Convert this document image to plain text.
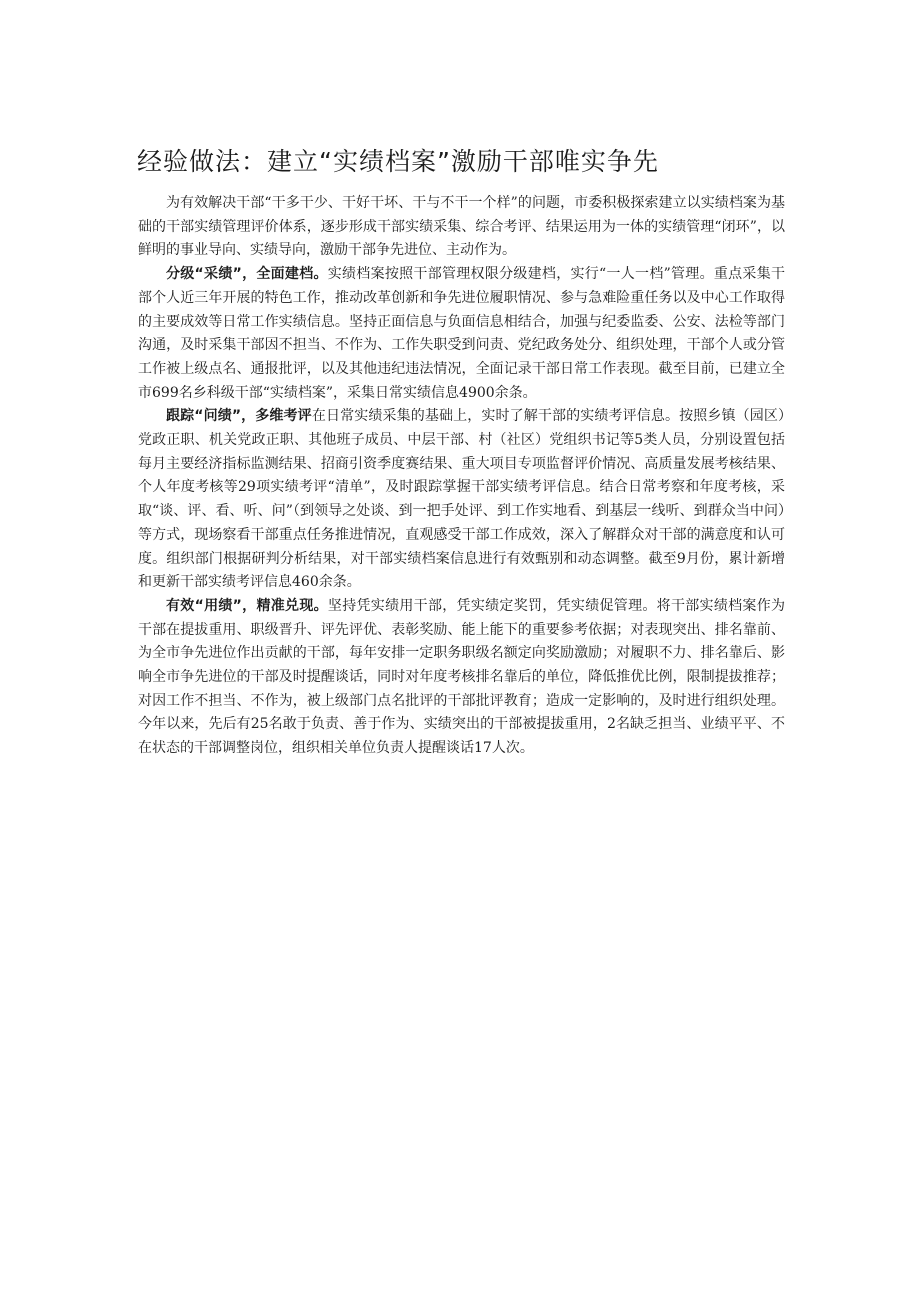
经验做法：建立“实绩档案”激励干部唯实争先

为有效解决干部“干多干少、干好干坏、干与不干一个样”的问题，市委积极探索建立以实绩档案为基础的干部实绩管理评价体系，逐步形成干部实绩采集、综合考评、结果运用为一体的实绩管理“闭环”，以鲜明的事业导向、实绩导向，激励干部争先进位、主动作为。

分级“采绩”，全面建档。实绩档案按照干部管理权限分级建档，实行“一人一档”管理。重点采集干部个人近三年开展的特色工作，推动改革创新和争先进位履职情况、参与急难险重任务以及中心工作取得的主要成效等日常工作实绩信息。坚持正面信息与负面信息相结合，加强与纪委监委、公安、法检等部门沟通，及时采集干部因不担当、不作为、工作失职受到问责、党纪政务处分、组织处理，干部个人或分管工作被上级点名、通报批评，以及其他违纪违法情况，全面记录干部日常工作表现。截至目前，已建立全市699名乡科级干部“实绩档案”，采集日常实绩信息4900余条。

跟踪“问绩”，多维考评在日常实绩采集的基础上，实时了解干部的实绩考评信息。按照乡镇（园区）党政正职、机关党政正职、其他班子成员、中层干部、村（社区）党组织书记等5类人员，分别设置包括每月主要经济指标监测结果、招商引资季度赛结果、重大项目专项监督评价情况、高质量发展考核结果、个人年度考核等29项实绩考评“清单”，及时跟踪掌握干部实绩考评信息。结合日常考察和年度考核，采取“谈、评、看、听、问”（到领导之处谈、到一把手处评、到工作实地看、到基层一线听、到群众当中问）等方式，现场察看干部重点任务推进情况，直观感受干部工作成效，深入了解群众对干部的满意度和认可度。组织部门根据研判分析结果，对干部实绩档案信息进行有效甄别和动态调整。截至9月份，累计新增和更新干部实绩考评信息460余条。

有效“用绩”，精准兑现。坚持凭实绩用干部，凭实绩定奖罚，凭实绩促管理。将干部实绩档案作为干部在提拔重用、职级晋升、评先评优、表彰奖励、能上能下的重要参考依据；对表现突出、排名靠前、为全市争先进位作出贡献的干部，每年安排一定职务职级名额定向奖励激励；对履职不力、排名靠后、影响全市争先进位的干部及时提醒谈话，同时对年度考核排名靠后的单位，降低推优比例，限制提拔推荐；对因工作不担当、不作为，被上级部门点名批评的干部批评教育；造成一定影响的，及时进行组织处理。今年以来，先后有25名敢于负责、善于作为、实绩突出的干部被提拔重用，2名缺乏担当、业绩平平、不在状态的干部调整岗位，组织相关单位负责人提醒谈话17人次。
